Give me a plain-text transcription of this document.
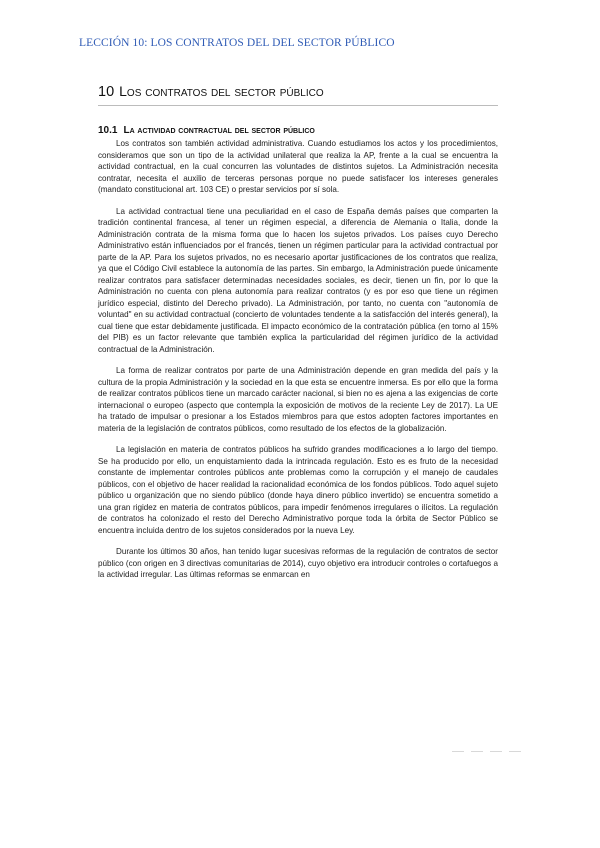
LECCIÓN 10: LOS CONTRATOS DEL DEL SECTOR PÚBLICO
10 Los contratos del sector público
10.1 La actividad contractual del sector público

Los contratos son también actividad administrativa. Cuando estudiamos los actos y los procedimientos, consideramos que son un tipo de la actividad unilateral que realiza la AP, frente a la cual se encuentra la actividad contractual, en la cual concurren las voluntades de distintos sujetos. La Administración necesita contratar, necesita el auxilio de terceras personas porque no puede satisfacer los intereses generales (mandato constitucional art. 103 CE) o prestar servicios por sí sola.

La actividad contractual tiene una peculiaridad en el caso de España demás países que comparten la tradición continental francesa, al tener un régimen especial, a diferencia de Alemania o Italia, donde la Administración contrata de la misma forma que lo hacen los sujetos privados. Los países cuyo Derecho Administrativo están influenciados por el francés, tienen un régimen particular para la actividad contractual por parte de la AP. Para los sujetos privados, no es necesario aportar justificaciones de los contratos que realiza, ya que el Código Civil establece la autonomía de las partes. Sin embargo, la Administración puede únicamente realizar contratos para satisfacer determinadas necesidades sociales, es decir, tienen un fin, por lo que la Administración no cuenta con plena autonomía para realizar contratos (y es por eso que tiene un régimen jurídico especial, distinto del Derecho privado). La Administración, por tanto, no cuenta con "autonomía de voluntad" en su actividad contractual (concierto de voluntades tendente a la satisfacción del interés general), la cual tiene que estar debidamente justificada. El impacto económico de la contratación pública (en torno al 15% del PIB) es un factor relevante que también explica la particularidad del régimen jurídico de la actividad contractual de la Administración.

La forma de realizar contratos por parte de una Administración depende en gran medida del país y la cultura de la propia Administración y la sociedad en la que esta se encuentre inmersa. Es por ello que la forma de realizar contratos públicos tiene un marcado carácter nacional, si bien no es ajena a las exigencias de corte internacional o europeo (aspecto que contempla la exposición de motivos de la reciente Ley de 2017). La UE ha tratado de impulsar o presionar a los Estados miembros para que estos adopten factores importantes en materia de la legislación de contratos públicos, como resultado de los efectos de la globalización.

La legislación en materia de contratos públicos ha sufrido grandes modificaciones a lo largo del tiempo. Se ha producido por ello, un enquistamiento dada la intrincada regulación. Esto es es fruto de la necesidad constante de implementar controles públicos ante problemas como la corrupción y el manejo de caudales públicos, con el objetivo de hacer realidad la racionalidad económica de los fondos públicos. Todo aquel sujeto público u organización que no siendo público (donde haya dinero público invertido) se encuentra sometido a una gran rigidez en materia de contratos públicos, para impedir fenómenos irregulares o ilícitos. La regulación de contratos ha colonizado el resto del Derecho Administrativo porque toda la órbita de Sector Público se encuentra incluida dentro de los sujetos considerados por la nueva Ley.

Durante los últimos 30 años, han tenido lugar sucesivas reformas de la regulación de contratos de sector público (con origen en 3 directivas comunitarias de 2014), cuyo objetivo era introducir controles o cortafuegos a la actividad irregular. Las últimas reformas se enmarcan en
